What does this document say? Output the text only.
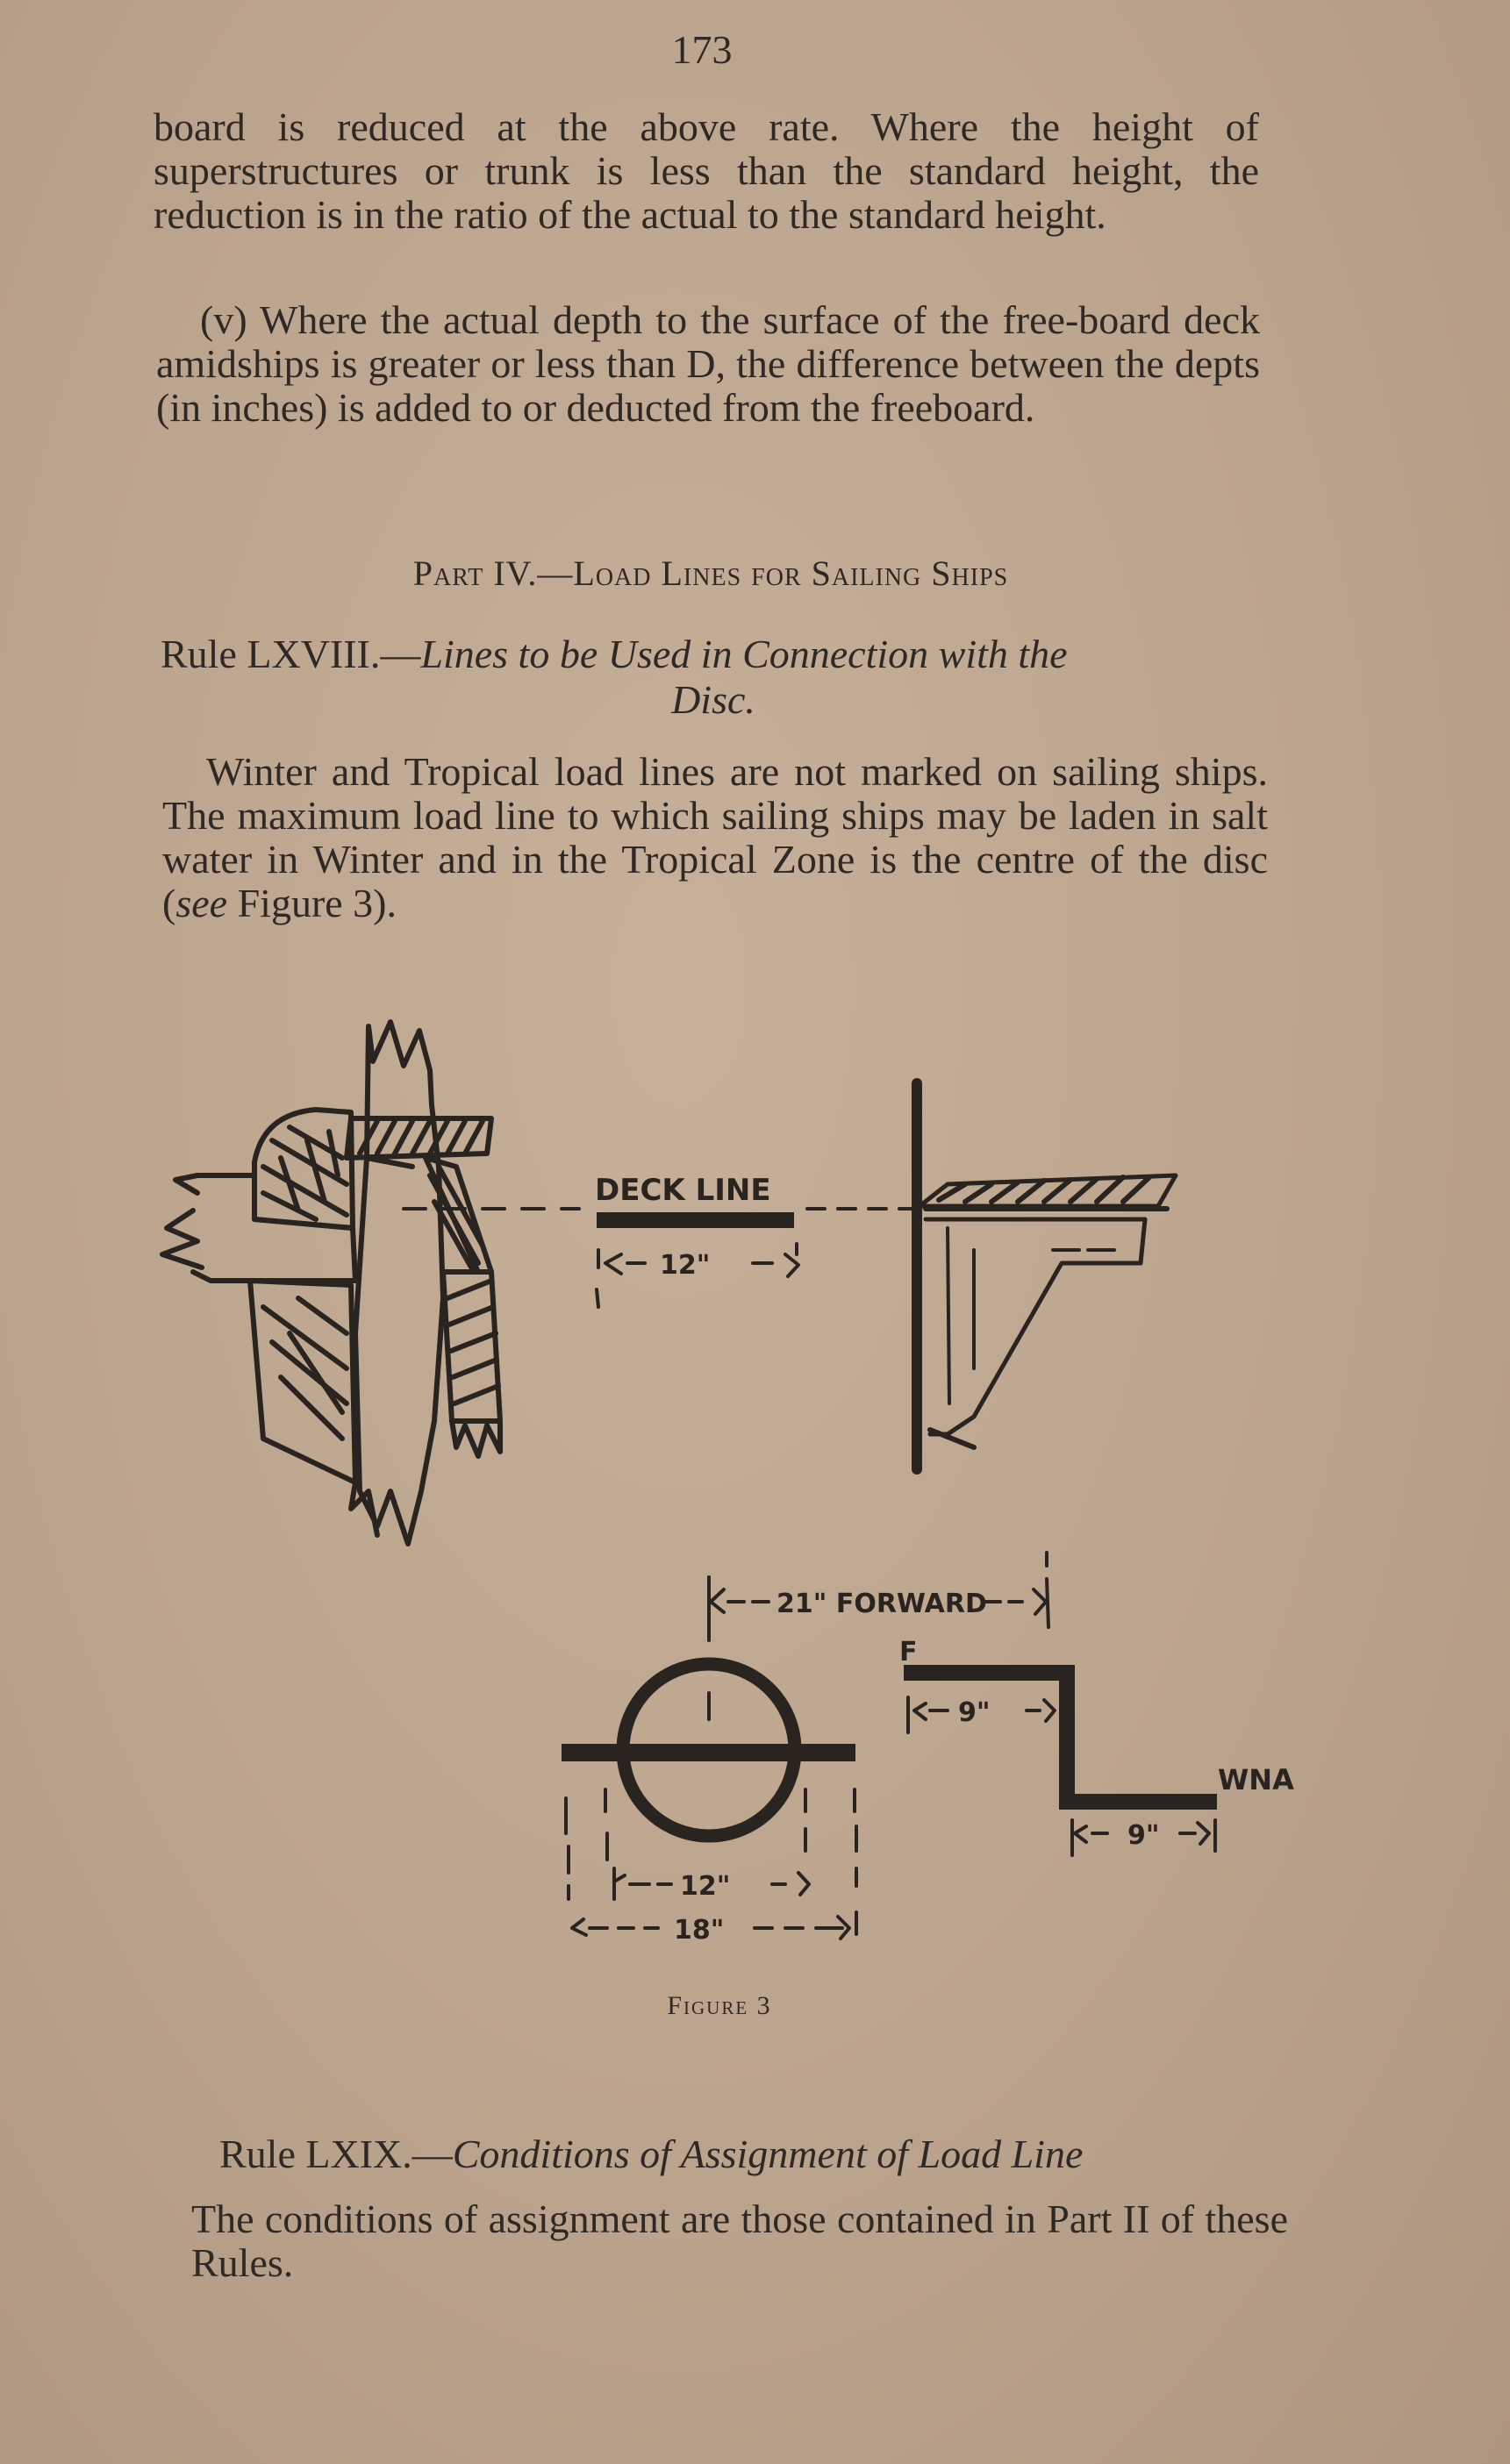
173

board is reduced at the above rate. Where the height of superstructures or trunk is less than the standard height, the reduction is in the ratio of the actual to the standard height.

(v) Where the actual depth to the surface of the free-board deck amidships is greater or less than D, the difference between the depts (in inches) is added to or deducted from the freeboard.

Part IV.—Load Lines for Sailing Ships
Rule LXVIII.—Lines to be Used in Connection with the
Disc.

Winter and Tropical load lines are not marked on sailing ships. The maximum load line to which sailing ships may be laden in salt water in Winter and in the Tropical Zone is the centre of the disc (see Figure 3).

DECK LINE
12"
21" FORWARD
F
9"
WNA
9"
12"
18"
Figure 3
Rule LXIX.—Conditions of Assignment of Load Line

The conditions of assignment are those contained in Part II of these Rules.
